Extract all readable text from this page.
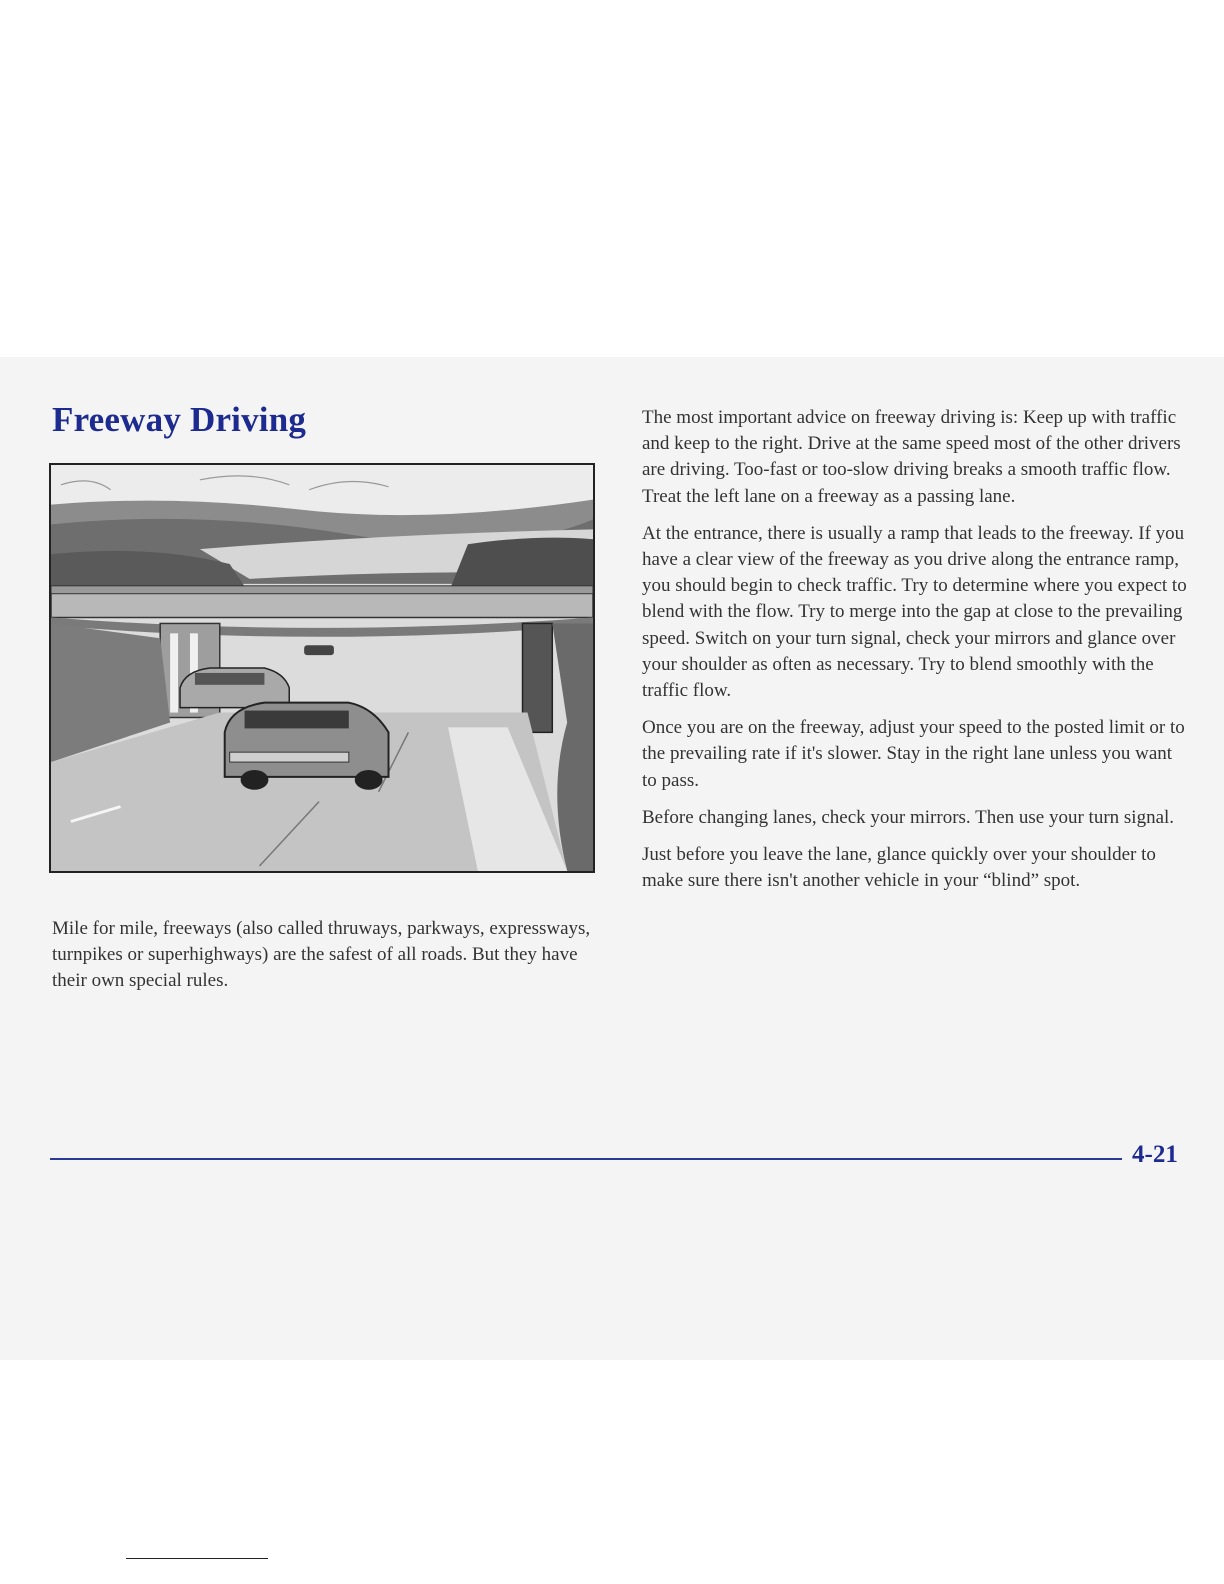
Freeway Driving

Mile for mile, freeways (also called thruways, parkways, expressways, turnpikes or superhighways) are the safest of all roads. But they have their own special rules.

The most important advice on freeway driving is: Keep up with traffic and keep to the right. Drive at the same speed most of the other drivers are driving. Too-fast or too-slow driving breaks a smooth traffic flow. Treat the left lane on a freeway as a passing lane.

At the entrance, there is usually a ramp that leads to the freeway. If you have a clear view of the freeway as you drive along the entrance ramp, you should begin to check traffic. Try to determine where you expect to blend with the flow. Try to merge into the gap at close to the prevailing speed. Switch on your turn signal, check your mirrors and glance over your shoulder as often as necessary. Try to blend smoothly with the traffic flow.

Once you are on the freeway, adjust your speed to the posted limit or to the prevailing rate if it's slower. Stay in the right lane unless you want to pass.

Before changing lanes, check your mirrors. Then use your turn signal.

Just before you leave the lane, glance quickly over your shoulder to make sure there isn't another vehicle in your “blind” spot.

4-21
